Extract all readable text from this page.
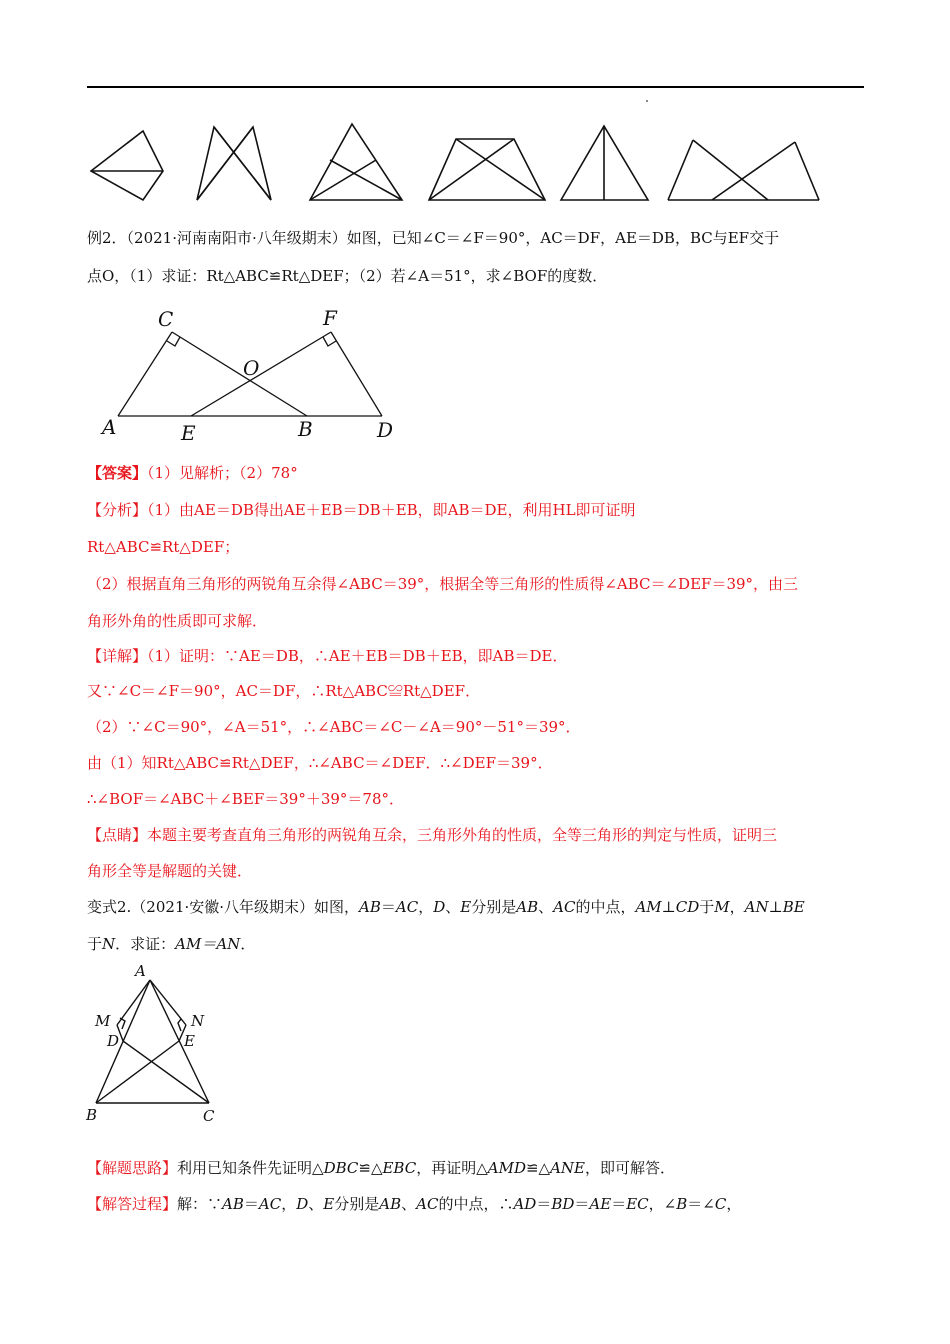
例2．（2021·河南南阳市·八年级期末）如图，已知∠C＝∠F＝90°，AC＝DF，AE＝DB，BC与EF交于
点O，（1）求证：Rt△ABC≌Rt△DEF；（2）若∠A＝51°，求∠BOF的度数．
C	F
O
A	E	B	D
【答案】（1）见解析；（2）78°
【分析】（1）由AE＝DB得出AE＋EB＝DB＋EB，即AB＝DE，利用HL即可证明
Rt△ABC≌Rt△DEF；
（2）根据直角三角形的两锐角互余得∠ABC＝39°，根据全等三角形的性质得∠ABC＝∠DEF＝39°，由三
角形外角的性质即可求解．
【详解】（1）证明：∵AE＝DB，∴AE＋EB＝DB＋EB，即AB＝DE．
又∵∠C＝∠F＝90°，AC＝DF，∴Rt△ABC≌Rt△DEF．
（2）∵∠C＝90°，∠A＝51°，∴∠ABC＝∠C－∠A＝90°－51°＝39°．
由（1）知Rt△ABC≌Rt△DEF，∴∠ABC＝∠DEF．∴∠DEF＝39°．
∴∠BOF＝∠ABC＋∠BEF＝39°＋39°＝78°．
【点睛】本题主要考查直角三角形的两锐角互余，三角形外角的性质，全等三角形的判定与性质，证明三
角形全等是解题的关键．
变式2.（2021·安徽·八年级期末）如图，AB＝AC，D、E分别是AB、AC的中点，AM⊥CD于M，AN⊥BE
于N．求证：AM＝AN．
A
M	N
D	E
B	C
【解题思路】利用已知条件先证明△DBC≌△EBC，再证明△AMD≌△ANE，即可解答．
【解答过程】解：∵AB＝AC，D、E分别是AB、AC的中点，∴AD＝BD＝AE＝EC，∠B＝∠C，
